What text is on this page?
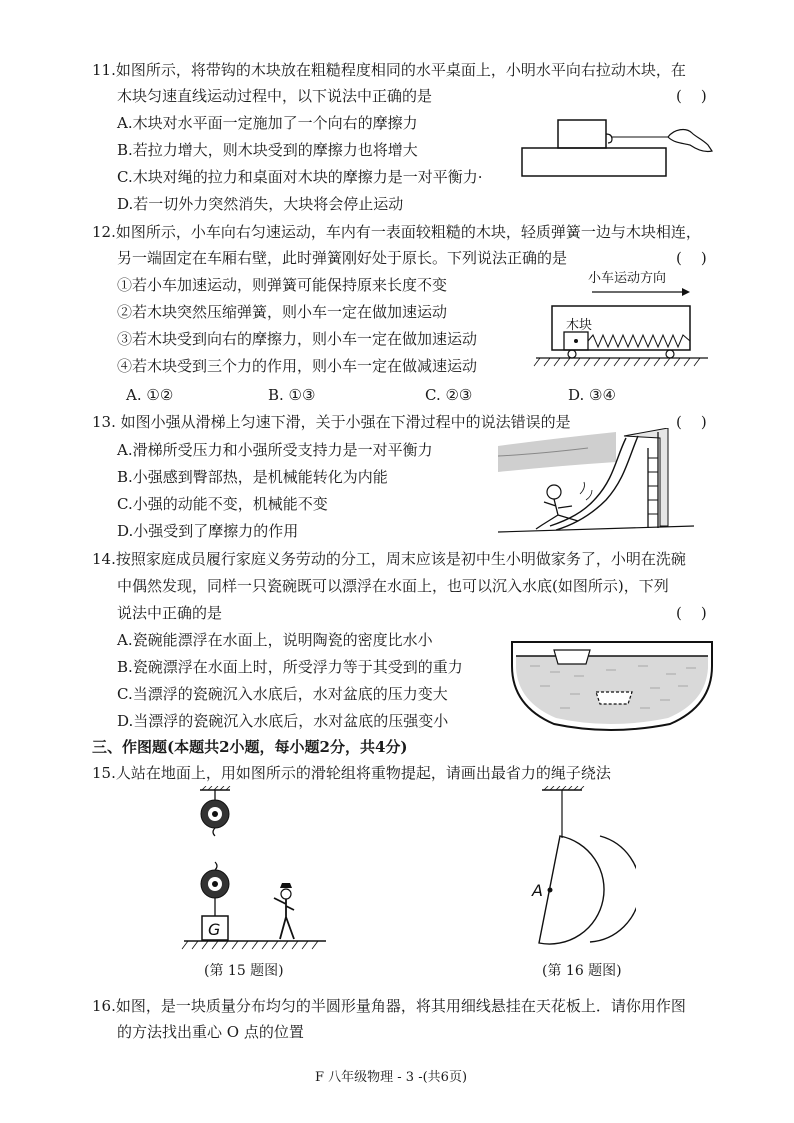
11.如图所示，将带钩的木块放在粗糙程度相同的水平桌面上，小明水平向右拉动木块，在
木块匀速直线运动过程中，以下说法中正确的是	(    )
A.木块对水平面一定施加了一个向右的摩擦力
B.若拉力增大，则木块受到的摩擦力也将增大
C.木块对绳的拉力和桌面对木块的摩擦力是一对平衡力·
D.若一切外力突然消失，大块将会停止运动
12.如图所示，小车向右匀速运动，车内有一表面较粗糙的木块，轻质弹簧一边与木块相连，
另一端固定在车厢右壁，此时弹簧刚好处于原长。下列说法正确的是	(    )
①若小车加速运动，则弹簧可能保持原来长度不变
②若木块突然压缩弹簧，则小车一定在做加速运动
③若木块受到向右的摩擦力，则小车一定在做加速运动
④若木块受到三个力的作用，则小车一定在做减速运动
A. ①②	B. ①③	C. ②③	D. ③④
小车运动方向
木块
13. 如图小强从滑梯上匀速下滑，关于小强在下滑过程中的说法错误的是	(    )
A.滑梯所受压力和小强所受支持力是一对平衡力
B.小强感到臀部热，是机械能转化为内能
C.小强的动能不变，机械能不变
D.小强受到了摩擦力的作用
14.按照家庭成员履行家庭义务劳动的分工，周末应该是初中生小明做家务了，小明在洗碗
中偶然发现，同样一只瓷碗既可以漂浮在水面上，也可以沉入水底(如图所示)，下列
说法中正确的是	(    )
A.瓷碗能漂浮在水面上，说明陶瓷的密度比水小
B.瓷碗漂浮在水面上时，所受浮力等于其受到的重力
C.当漂浮的瓷碗沉入水底后，水对盆底的压力变大
D.当漂浮的瓷碗沉入水底后，水对盆底的压强变小
三、作图题(本题共2小题，每小题2分，共4分)
15.人站在地面上，用如图所示的滑轮组将重物提起，请画出最省力的绳子绕法
G
(第 15 题图)
A
(第 16 题图)
16.如图，是一块质量分布均匀的半圆形量角器，将其用细线悬挂在天花板上．请你用作图
的方法找出重心 O 点的位置
F 八年级物理 - 3 -(共6页)
